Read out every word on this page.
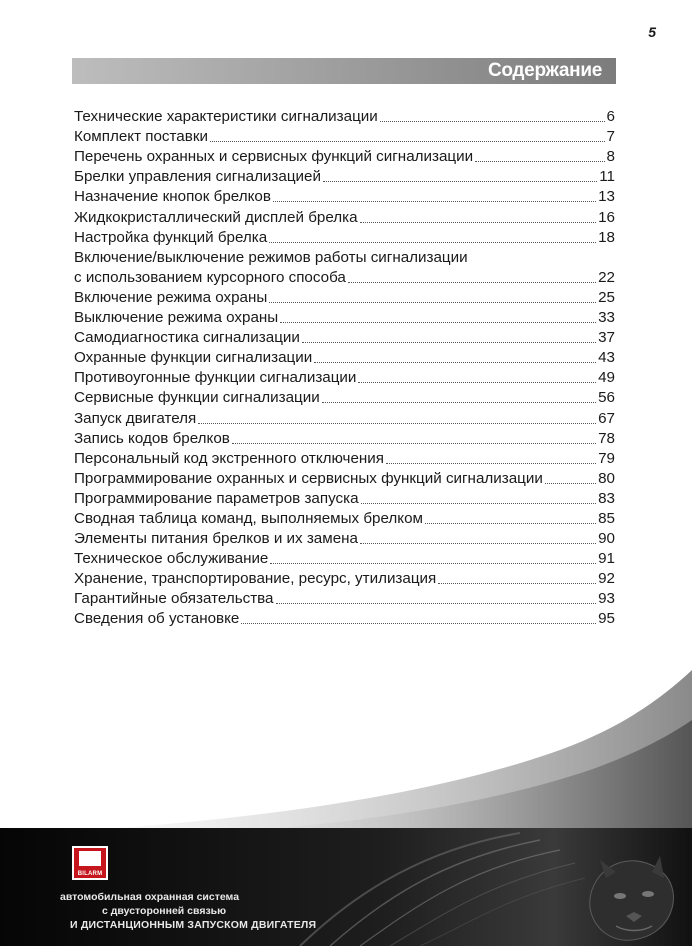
5
Содержание
Технические характеристики сигнализации	6
Комплект поставки	7
Перечень охранных и сервисных функций сигнализации	8
Брелки управления сигнализацией	11
Назначение кнопок брелков	13
Жидкокристаллический дисплей брелка	16
Настройка функций брелка	18
Включение/выключение режимов работы сигнализации
с использованием курсорного способа	22
Включение режима охраны	25
Выключение режима охраны	33
Самодиагностика сигнализации	37
Охранные функции сигнализации	43
Противоугонные функции сигнализации	49
Сервисные функции сигнализации	56
Запуск двигателя	67
Запись кодов брелков	78
Персональный код экстренного отключения	79
Программирование охранных и сервисных функций сигнализации	80
Программирование параметров запуска	83
Сводная таблица команд, выполняемых брелком	85
Элементы питания брелков и их замена	90
Техническое обслуживание	91
Хранение, транспортирование, ресурс, утилизация	92
Гарантийные обязательства	93
Сведения об установке	95
BILARM
автомобильная охранная система
с двусторонней связью
И ДИСТАНЦИОННЫМ ЗАПУСКОМ ДВИГАТЕЛЯ
